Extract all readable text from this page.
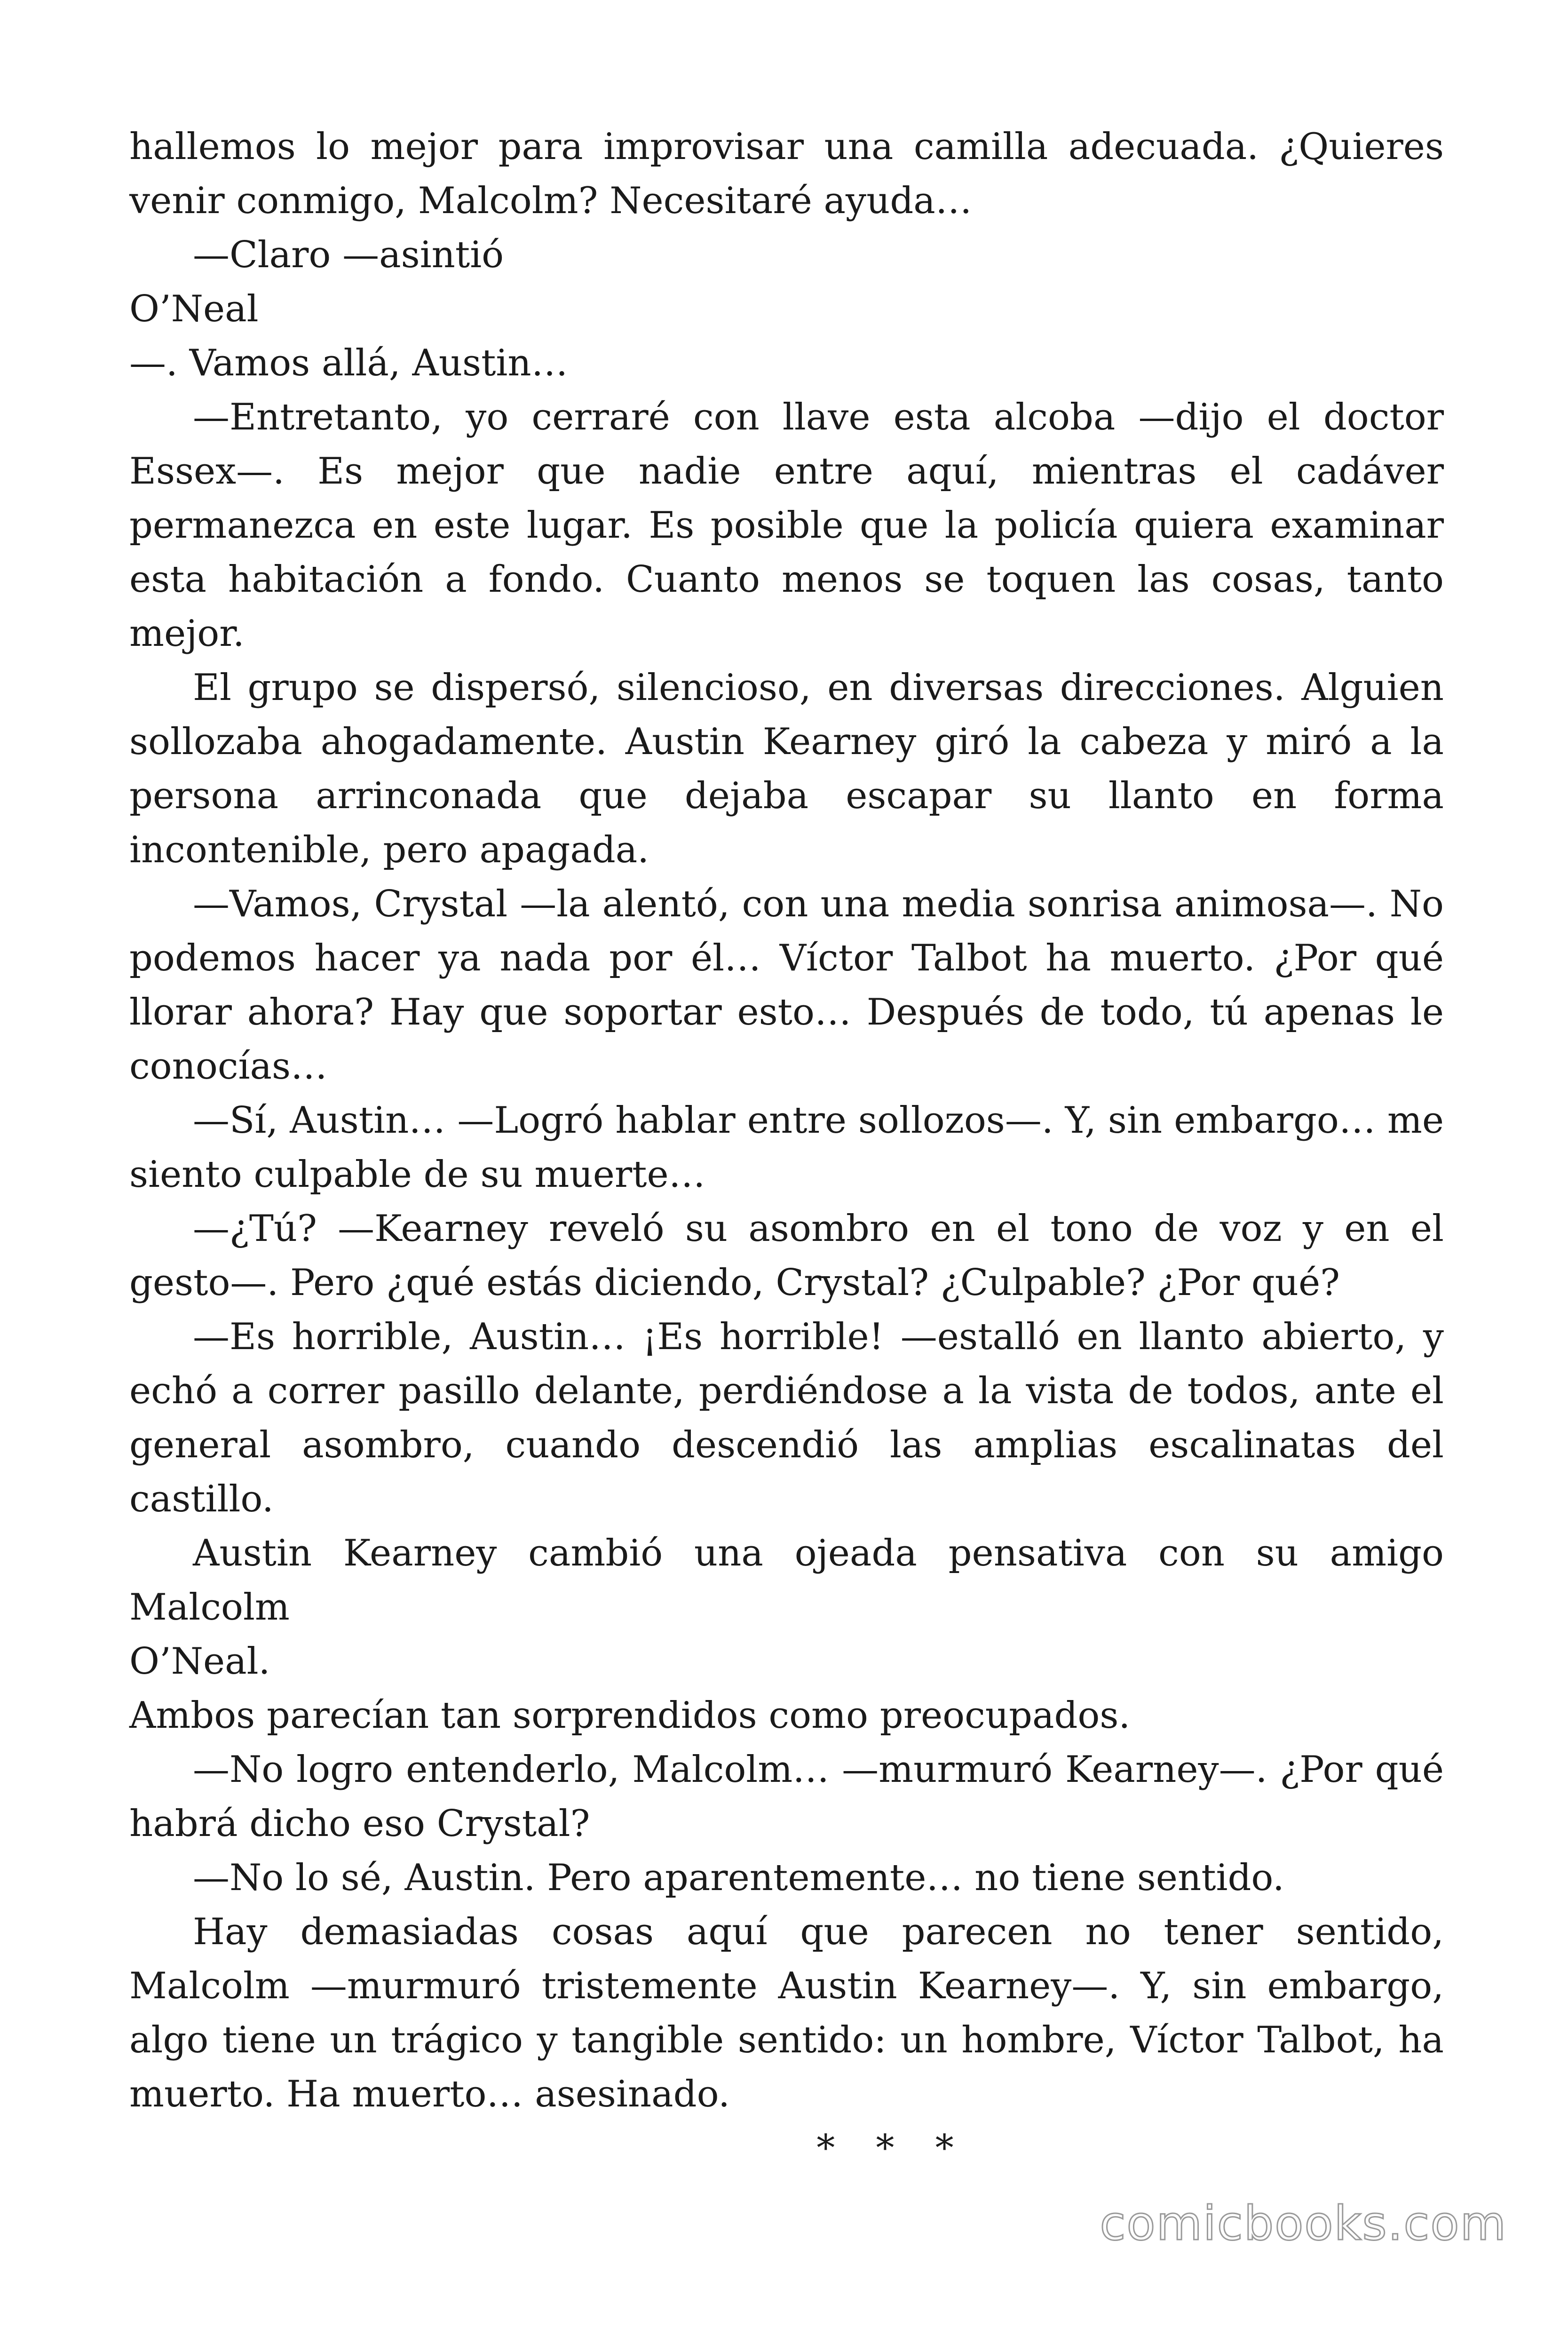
hallemos lo mejor para improvisar una camilla adecuada. ¿Quieres venir conmigo, Malcolm? Necesitaré ayuda…

—Claro —asintió

O’Neal

—. Vamos allá, Austin…

—Entretanto, yo cerraré con llave esta alcoba —dijo el doctor Essex—. Es mejor que nadie entre aquí, mientras el cadáver permanezca en este lugar. Es posible que la policía quiera examinar esta habitación a fondo. Cuanto menos se toquen las cosas, tanto mejor.

El grupo se dispersó, silencioso, en diversas direcciones. Alguien sollozaba ahogadamente. Austin Kearney giró la cabeza y miró a la persona arrinconada que dejaba escapar su llanto en forma incontenible, pero apagada.

—Vamos, Crystal —la alentó, con una media sonrisa animosa—. No podemos hacer ya nada por él… Víctor Talbot ha muerto. ¿Por qué llorar ahora? Hay que soportar esto… Después de todo, tú apenas le conocías…

—Sí, Austin… —Logró hablar entre sollozos—. Y, sin embargo… me siento culpable de su muerte…

—¿Tú? —Kearney reveló su asombro en el tono de voz y en el gesto—. Pero ¿qué estás diciendo, Crystal? ¿Culpable? ¿Por qué?

—Es horrible, Austin… ¡Es horrible! —estalló en llanto abierto, y echó a correr pasillo delante, perdiéndose a la vista de todos, ante el general asombro, cuando descendió las amplias escalinatas del castillo.

Austin Kearney cambió una ojeada pensativa con su amigo Malcolm

O’Neal.

Ambos parecían tan sorprendidos como preocupados.

—No logro entenderlo, Malcolm… —murmuró Kearney—. ¿Por qué habrá dicho eso Crystal?

—No lo sé, Austin. Pero aparentemente… no tiene sentido.

Hay demasiadas cosas aquí que parecen no tener sentido, Malcolm —murmuró tristemente Austin Kearney—. Y, sin embargo, algo tiene un trágico y tangible sentido: un hombre, Víctor Talbot, ha muerto. Ha muerto… asesinado.

* * *

comicbooks.com
